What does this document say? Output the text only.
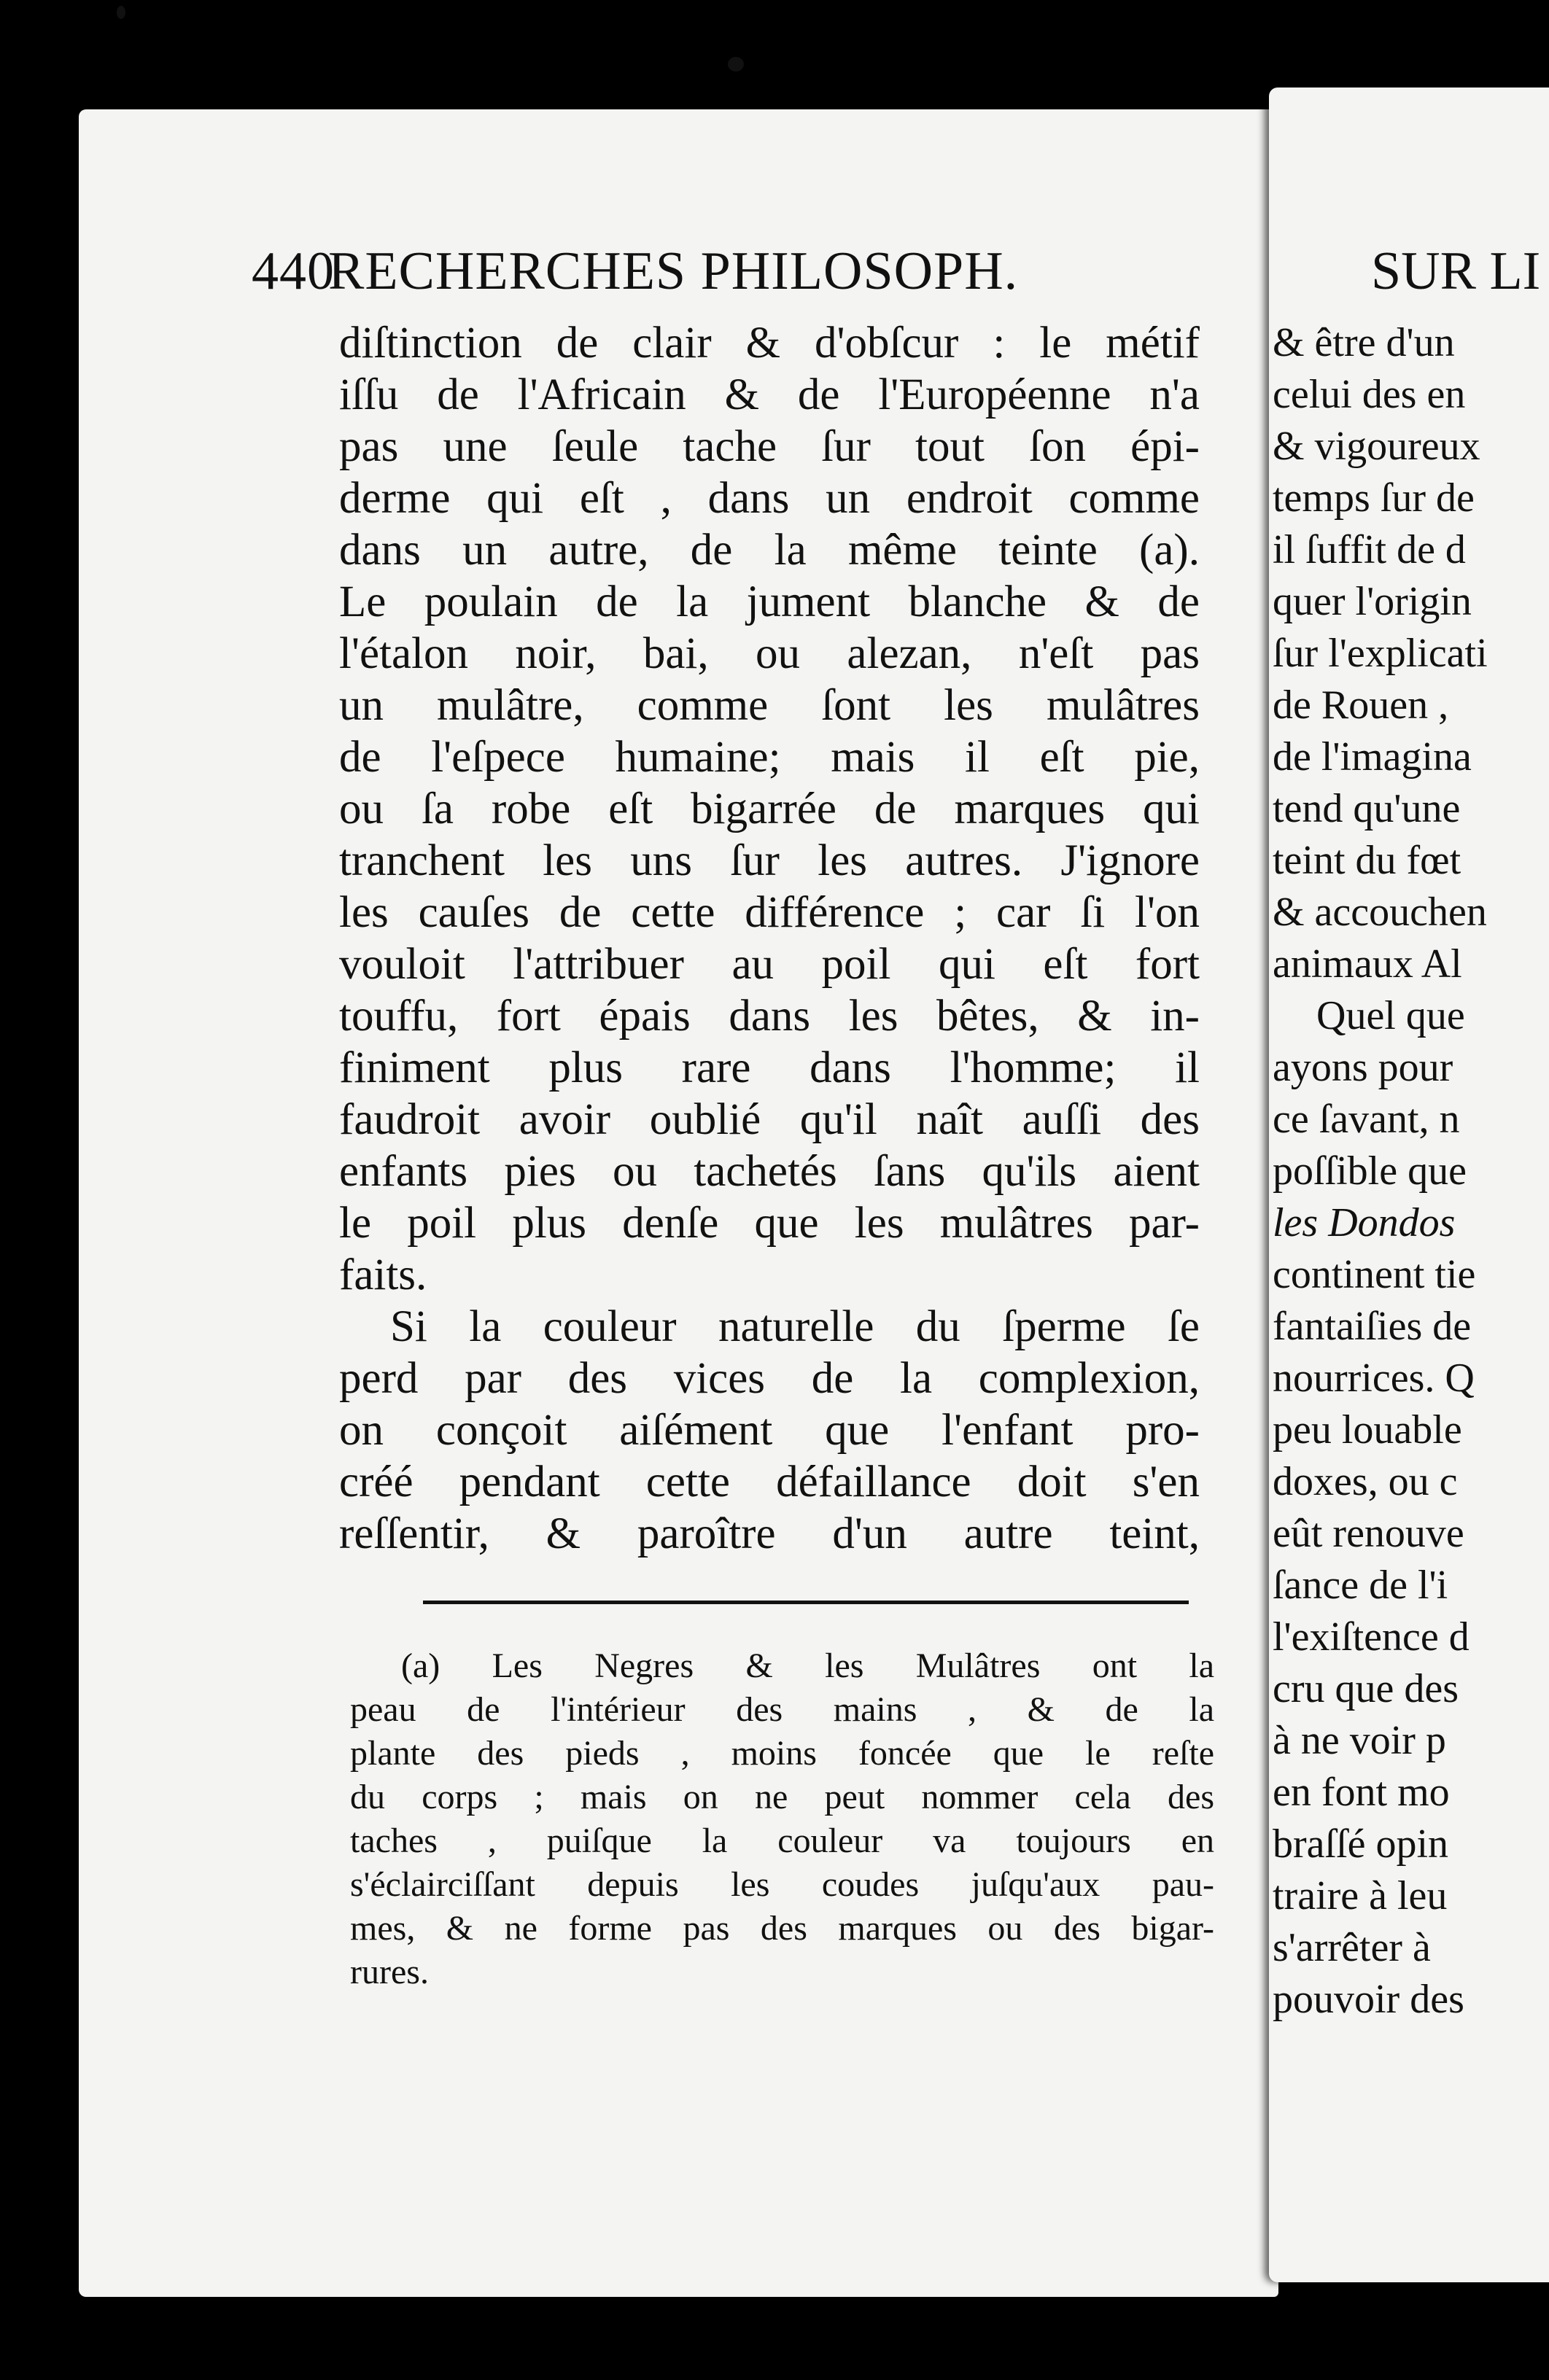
440
RECHERCHES PHILOSOPH.
diſtinction de clair & d'obſcur : le métif
iſſu de l'Africain & de l'Européenne n'a
pas une ſeule tache ſur tout ſon épi-
derme qui eſt , dans un endroit comme
dans un autre, de la même teinte (a).
Le poulain de la jument blanche & de
l'étalon noir, bai, ou alezan, n'eſt pas
un mulâtre, comme ſont les mulâtres
de l'eſpece humaine; mais il eſt pie,
ou ſa robe eſt bigarrée de marques qui
tranchent les uns ſur les autres. J'ignore
les cauſes de cette différence ; car ſi l'on
vouloit l'attribuer au poil qui eſt fort
touffu, fort épais dans les bêtes, & in-
finiment plus rare dans l'homme; il
faudroit avoir oublié qu'il naît auſſi des
enfants pies ou tachetés ſans qu'ils aient
le poil plus denſe que les mulâtres par-
faits.
Si la couleur naturelle du ſperme ſe
perd par des vices de la complexion,
on conçoit aiſément que l'enfant pro-
créé pendant cette défaillance doit s'en
reſſentir, & paroître d'un autre teint,
(a) Les Negres & les Mulâtres ont la
peau de l'intérieur des mains , & de la
plante des pieds , moins foncée que le reſte
du corps ; mais on ne peut nommer cela des
taches , puiſque la couleur va toujours en
s'éclairciſſant depuis les coudes juſqu'aux pau-
mes, & ne forme pas des marques ou des bigar-
rures.
SUR LI
& être d'un
celui des en
& vigoureux
temps ſur de
il ſuffit de d
quer l'origin
ſur l'explicati
de Rouen ,
de l'imagina
tend qu'une
teint du fœt
& accouchen
animaux Al
Quel que
ayons pour
ce ſavant, n
poſſible que
les Dondos
continent tie
fantaiſies de
nourrices. Q
peu louable
doxes, ou c
eût renouve
ſance de l'i
l'exiſtence d
cru que des
à ne voir p
en font mo
braſſé opin
traire à leu
s'arrêter à
pouvoir des
